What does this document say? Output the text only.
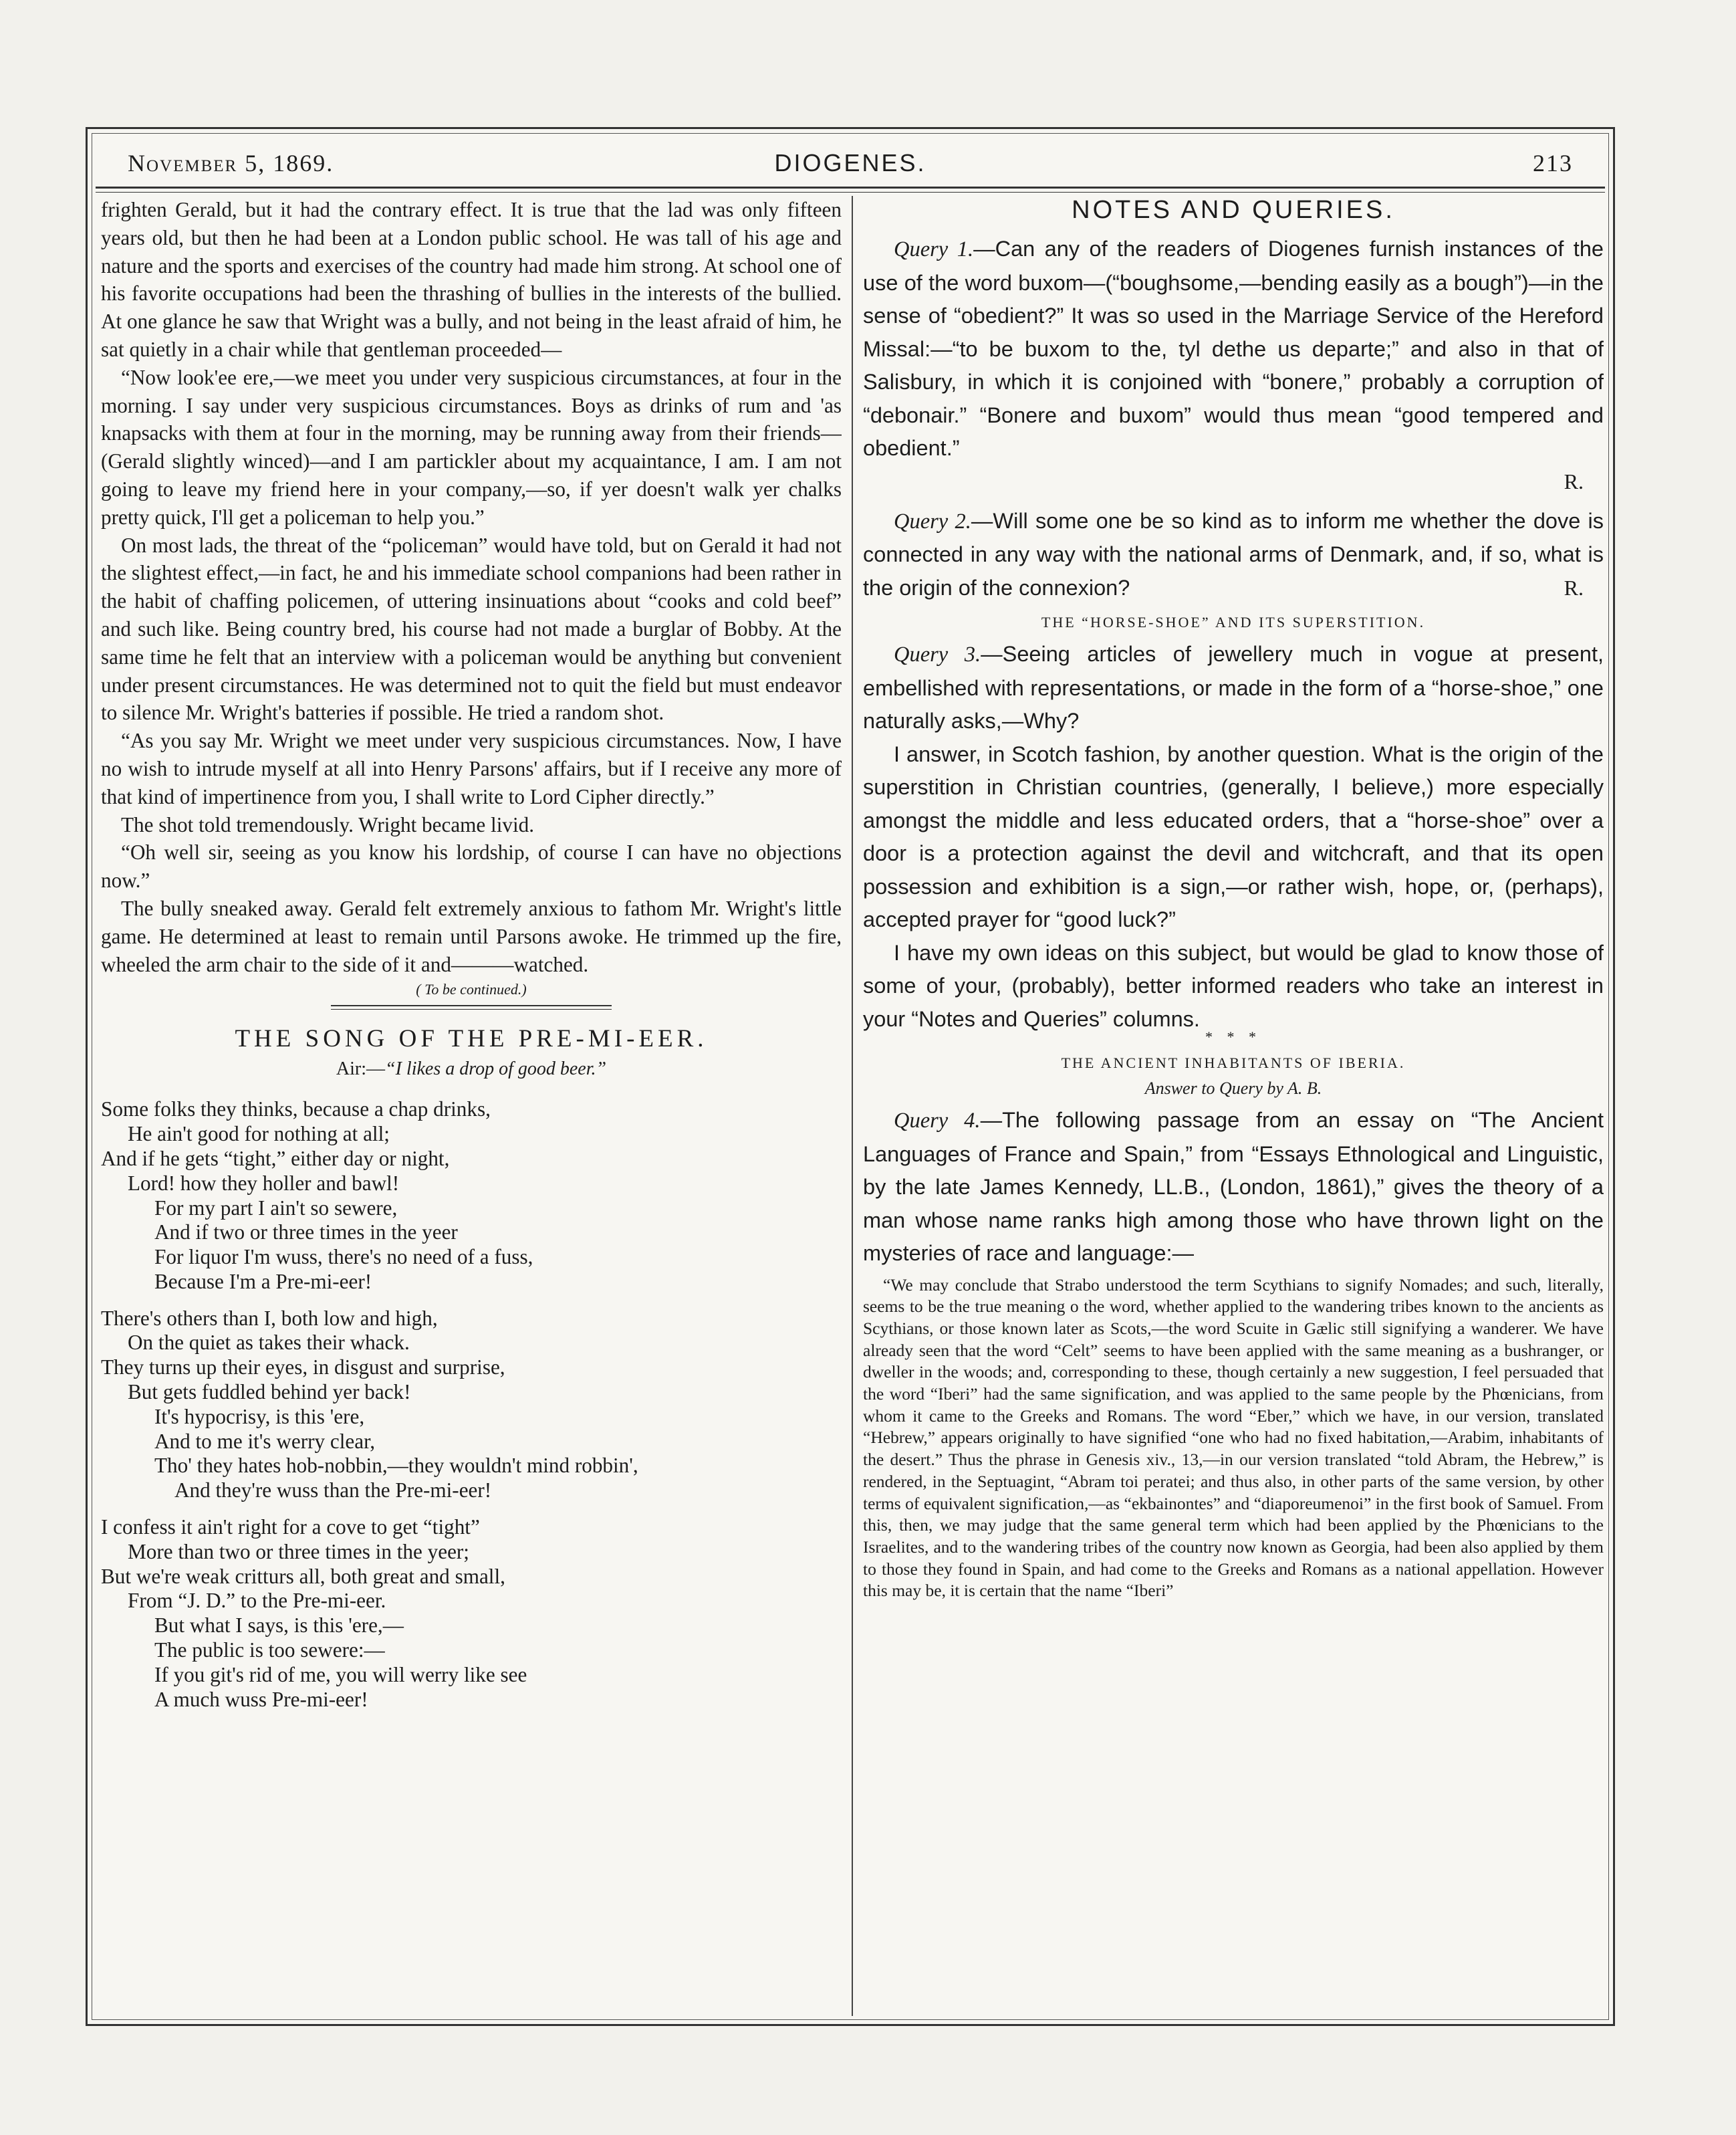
November 5, 1869.	DIOGENES.	213

frighten Gerald, but it had the contrary effect. It is true that the lad was only fifteen years old, but then he had been at a London public school. He was tall of his age and nature and the sports and exercises of the country had made him strong. At school one of his favorite occupations had been the thrashing of bullies in the interests of the bullied. At one glance he saw that Wright was a bully, and not being in the least afraid of him, he sat quietly in a chair while that gentleman proceeded—

“Now look'ee ere,—we meet you under very suspicious circumstances, at four in the morning. I say under very suspicious circumstances. Boys as drinks of rum and 'as knapsacks with them at four in the morning, may be running away from their friends—(Gerald slightly winced)—and I am partickler about my acquaintance, I am. I am not going to leave my friend here in your company,—so, if yer doesn't walk yer chalks pretty quick, I'll get a policeman to help you.”

On most lads, the threat of the “policeman” would have told, but on Gerald it had not the slightest effect,—in fact, he and his immediate school companions had been rather in the habit of chaffing policemen, of uttering insinuations about “cooks and cold beef” and such like. Being country bred, his course had not made a burglar of Bobby. At the same time he felt that an interview with a policeman would be anything but convenient under present circumstances. He was determined not to quit the field but must endeavor to silence Mr. Wright's batteries if possible. He tried a random shot.

“As you say Mr. Wright we meet under very suspicious circumstances. Now, I have no wish to intrude myself at all into Henry Parsons' affairs, but if I receive any more of that kind of impertinence from you, I shall write to Lord Cipher directly.”

The shot told tremendously. Wright became livid.

“Oh well sir, seeing as you know his lordship, of course I can have no objections now.”

The bully sneaked away. Gerald felt extremely anxious to fathom Mr. Wright's little game. He determined at least to remain until Parsons awoke. He trimmed up the fire, wheeled the arm chair to the side of it and———watched.

( To be continued.)
THE SONG OF THE PRE-MI-EER.
Air:—“I likes a drop of good beer.”
Some folks they thinks, because a chap drinks,
He ain't good for nothing at all;
And if he gets “tight,” either day or night,
Lord! how they holler and bawl!
For my part I ain't so sewere,
And if two or three times in the yeer
For liquor I'm wuss, there's no need of a fuss,
Because I'm a Pre-mi-eer!
There's others than I, both low and high,
On the quiet as takes their whack.
They turns up their eyes, in disgust and surprise,
But gets fuddled behind yer back!
It's hypocrisy, is this 'ere,
And to me it's werry clear,
Tho' they hates hob-nobbin,—they wouldn't mind robbin',
And they're wuss than the Pre-mi-eer!
I confess it ain't right for a cove to get “tight”
More than two or three times in the yeer;
But we're weak critturs all, both great and small,
From “J. D.” to the Pre-mi-eer.
But what I says, is this 'ere,—
The public is too sewere:—
If you git's rid of me, you will werry like see
A much wuss Pre-mi-eer!
NOTES AND QUERIES.

Query 1.—Can any of the readers of Diogenes furnish instances of the use of the word buxom—(“boughsome,—bending easily as a bough”)—in the sense of “obedient?” It was so used in the Marriage Service of the Hereford Missal:—“to be buxom to the, tyl dethe us departe;” and also in that of Salisbury, in which it is conjoined with “bonere,” probably a corruption of “debonair.” “Bonere and buxom” would thus mean “good tempered and obedient.”

R.

Query 2.—Will some one be so kind as to inform me whether the dove is connected in any way with the national arms of Denmark, and, if so, what is the origin of the connexion?	R.
THE “HORSE-SHOE” AND ITS SUPERSTITION.

Query 3.—Seeing articles of jewellery much in vogue at present, embellished with representations, or made in the form of a “horse-shoe,” one naturally asks,—Why?

I answer, in Scotch fashion, by another question. What is the origin of the superstition in Christian countries, (generally, I believe,) more especially amongst the middle and less educated orders, that a “horse-shoe” over a door is a protection against the devil and witchcraft, and that its open possession and exhibition is a sign,—or rather wish, hope, or, (perhaps), accepted prayer for “good luck?”

I have my own ideas on this subject, but would be glad to know those of some of your, (probably), better informed readers who take an interest in your “Notes and Queries” columns.

* * *
THE ANCIENT INHABITANTS OF IBERIA.
Answer to Query by A. B.

Query 4.—The following passage from an essay on “The Ancient Languages of France and Spain,” from “Essays Ethnological and Linguistic, by the late James Kennedy, LL.B., (London, 1861),” gives the theory of a man whose name ranks high among those who have thrown light on the mysteries of race and language:—

“We may conclude that Strabo understood the term Scythians to signify Nomades; and such, literally, seems to be the true meaning o the word, whether applied to the wandering tribes known to the ancients as Scythians, or those known later as Scots,—the word Scuite in Gælic still signifying a wanderer. We have already seen that the word “Celt” seems to have been applied with the same meaning as a bushranger, or dweller in the woods; and, corresponding to these, though certainly a new suggestion, I feel persuaded that the word “Iberi” had the same signification, and was applied to the same people by the Phœnicians, from whom it came to the Greeks and Romans. The word “Eber,” which we have, in our version, translated “Hebrew,” appears originally to have signified “one who had no fixed habitation,—Arabim, inhabitants of the desert.” Thus the phrase in Genesis xiv., 13,—in our version translated “told Abram, the Hebrew,” is rendered, in the Septuagint, “Abram toi peratei; and thus also, in other parts of the same version, by other terms of equivalent signification,—as “ekbainontes” and “diaporeumenoi” in the first book of Samuel. From this, then, we may judge that the same general term which had been applied by the Phœnicians to the Israelites, and to the wandering tribes of the country now known as Georgia, had been also applied by them to those they found in Spain, and had come to the Greeks and Romans as a national appellation. However this may be, it is certain that the name “Iberi”
